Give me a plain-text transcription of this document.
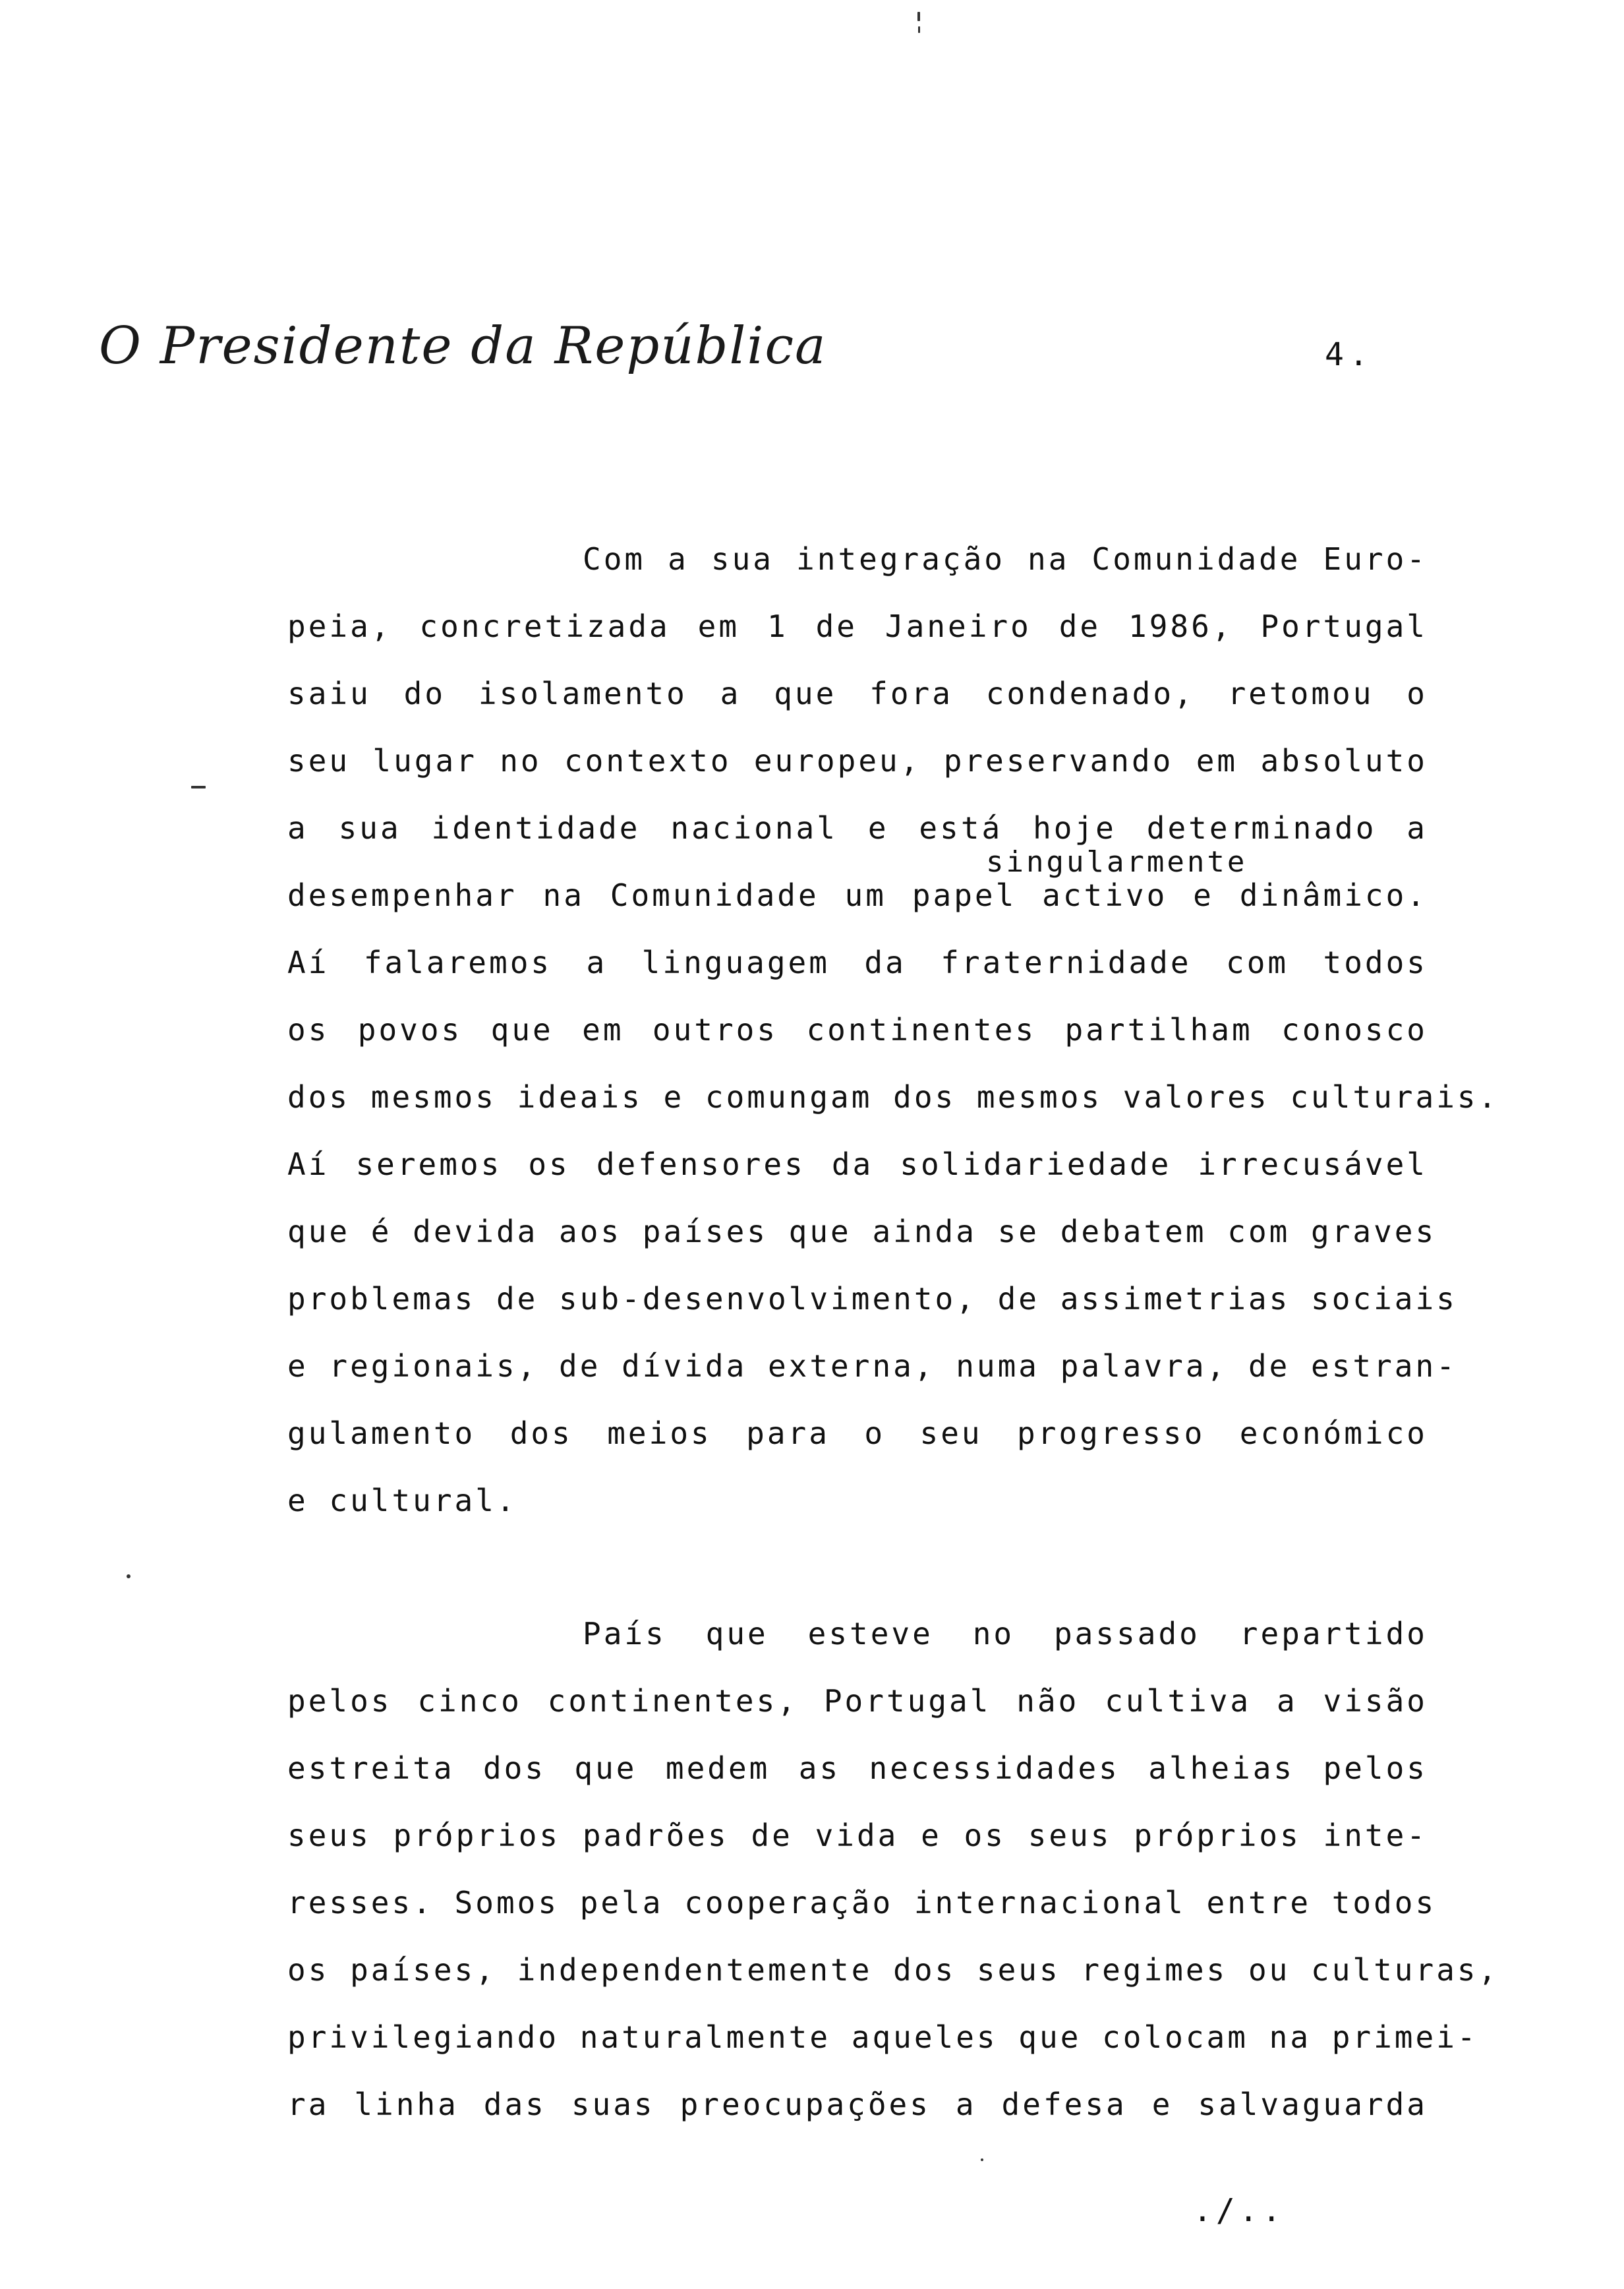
O Presidente da República	4.
Com a sua integração na Comunidade Euro-
peia, concretizada em 1 de Janeiro de 1986, Portugal
saiu do isolamento a que fora condenado, retomou o
seu lugar no contexto europeu, preservando em absoluto
a sua identidade nacional e está hoje determinado a
singularmente
desempenhar na Comunidade um papel activo e dinâmico.
Aí falaremos a linguagem da fraternidade com todos
os povos que em outros continentes partilham conosco
dos mesmos ideais e comungam dos mesmos valores culturais.
Aí seremos os defensores da solidariedade irrecusável
que é devida aos países que ainda se debatem com graves
problemas de sub-desenvolvimento, de assimetrias sociais
e regionais, de dívida externa, numa palavra, de estran-
gulamento dos meios para o seu progresso económico
e cultural.
País que esteve no passado repartido
pelos cinco continentes, Portugal não cultiva a visão
estreita dos que medem as necessidades alheias pelos
seus próprios padrões de vida e os seus próprios inte-
resses. Somos pela cooperação internacional entre todos
os países, independentemente dos seus regimes ou culturas,
privilegiando naturalmente aqueles que colocam na primei-
ra linha das suas preocupações a defesa e salvaguarda
./..
